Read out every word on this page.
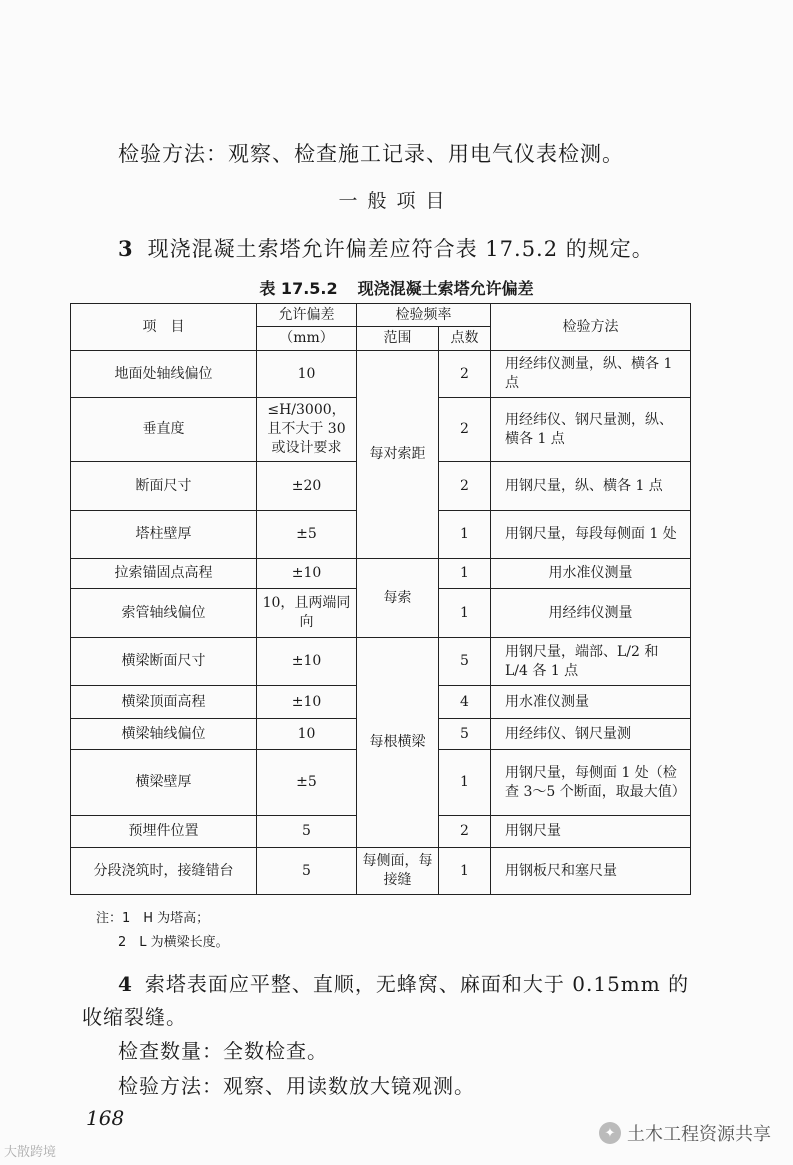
检验方法：观察、检查施工记录、用电气仪表检测。
一般项目
3 现浇混凝土索塔允许偏差应符合表 17.5.2 的规定。
表 17.5.2 现浇混凝土索塔允许偏差
项　目	允许偏差	检验频率		检验方法
	（mm）	范围	点数	
地面处轴线偏位	10	每对索距	2	用经纬仪测量，纵、横各 1 点
垂直度	≤H/3000，且不大于 30 或设计要求		2	用经纬仪、钢尺量测，纵、横各 1 点
断面尺寸	±20		2	用钢尺量，纵、横各 1 点
塔柱壁厚	±5		1	用钢尺量，每段每侧面 1 处
拉索锚固点高程	±10	每索	1	用水准仪测量
索管轴线偏位	10，且两端同向		1	用经纬仪测量
横梁断面尺寸	±10	每根横梁	5	用钢尺量，端部、L/2 和 L/4 各 1 点
横梁顶面高程	±10		4	用水准仪测量
横梁轴线偏位	10		5	用经纬仪、钢尺量测
横梁壁厚	±5		1	用钢尺量，每侧面 1 处（检查 3～5 个断面，取最大值）
预埋件位置	5		2	用钢尺量
分段浇筑时，接缝错台	5	每侧面，每接缝	1	用钢板尺和塞尺量
注：1　H 为塔高；
2　L 为横梁长度。
4 索塔表面应平整、直顺，无蜂窝、麻面和大于 0.15mm 的收缩裂缝。
检查数量：全数检查。
检验方法：观察、用读数放大镜观测。
168
✦ 土木工程资源共享
大散跨境
